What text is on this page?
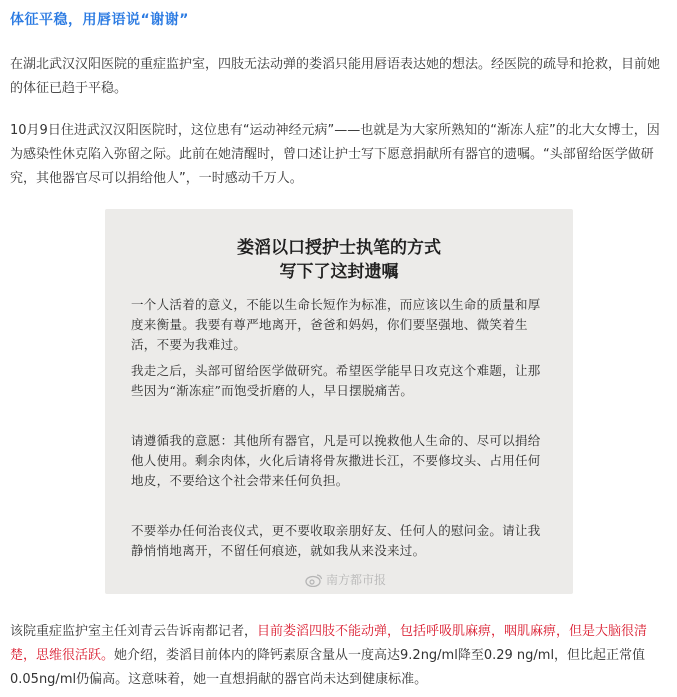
体征平稳，用唇语说“谢谢”
在湖北武汉汉阳医院的重症监护室，四肢无法动弹的娄滔只能用唇语表达她的想法。经医院的疏导和抢救，目前她的体征已趋于平稳。
10月9日住进武汉汉阳医院时，这位患有“运动神经元病”——也就是为大家所熟知的“渐冻人症”的北大女博士，因为感染性休克陷入弥留之际。此前在她清醒时，曾口述让护士写下愿意捐献所有器官的遗嘱。“头部留给医学做研究，其他器官尽可以捐给他人”，一时感动千万人。
娄滔以口授护士执笔的方式
写下了这封遗嘱
一个人活着的意义，不能以生命长短作为标准，而应该以生命的质量和厚度来衡量。我要有尊严地离开，爸爸和妈妈，你们要坚强地、微笑着生活，不要为我难过。
我走之后，头部可留给医学做研究。希望医学能早日攻克这个难题，让那些因为“渐冻症”而饱受折磨的人，早日摆脱痛苦。
请遵循我的意愿：其他所有器官，凡是可以挽救他人生命的、尽可以捐给他人使用。剩余肉体，火化后请将骨灰撒进长江，不要修坟头、占用任何地皮，不要给这个社会带来任何负担。
不要举办任何治丧仪式，更不要收取亲朋好友、任何人的慰问金。请让我静悄悄地离开，不留任何痕迹，就如我从来没来过。
南方都市报
该院重症监护室主任刘青云告诉南都记者，目前娄滔四肢不能动弹，包括呼吸肌麻痹，咽肌麻痹，但是大脑很清楚，思维很活跃。她介绍，娄滔目前体内的降钙素原含量从一度高达9.2ng/ml降至0.29 ng/ml，但比起正常值0.05ng/ml仍偏高。这意味着，她一直想捐献的器官尚未达到健康标准。
